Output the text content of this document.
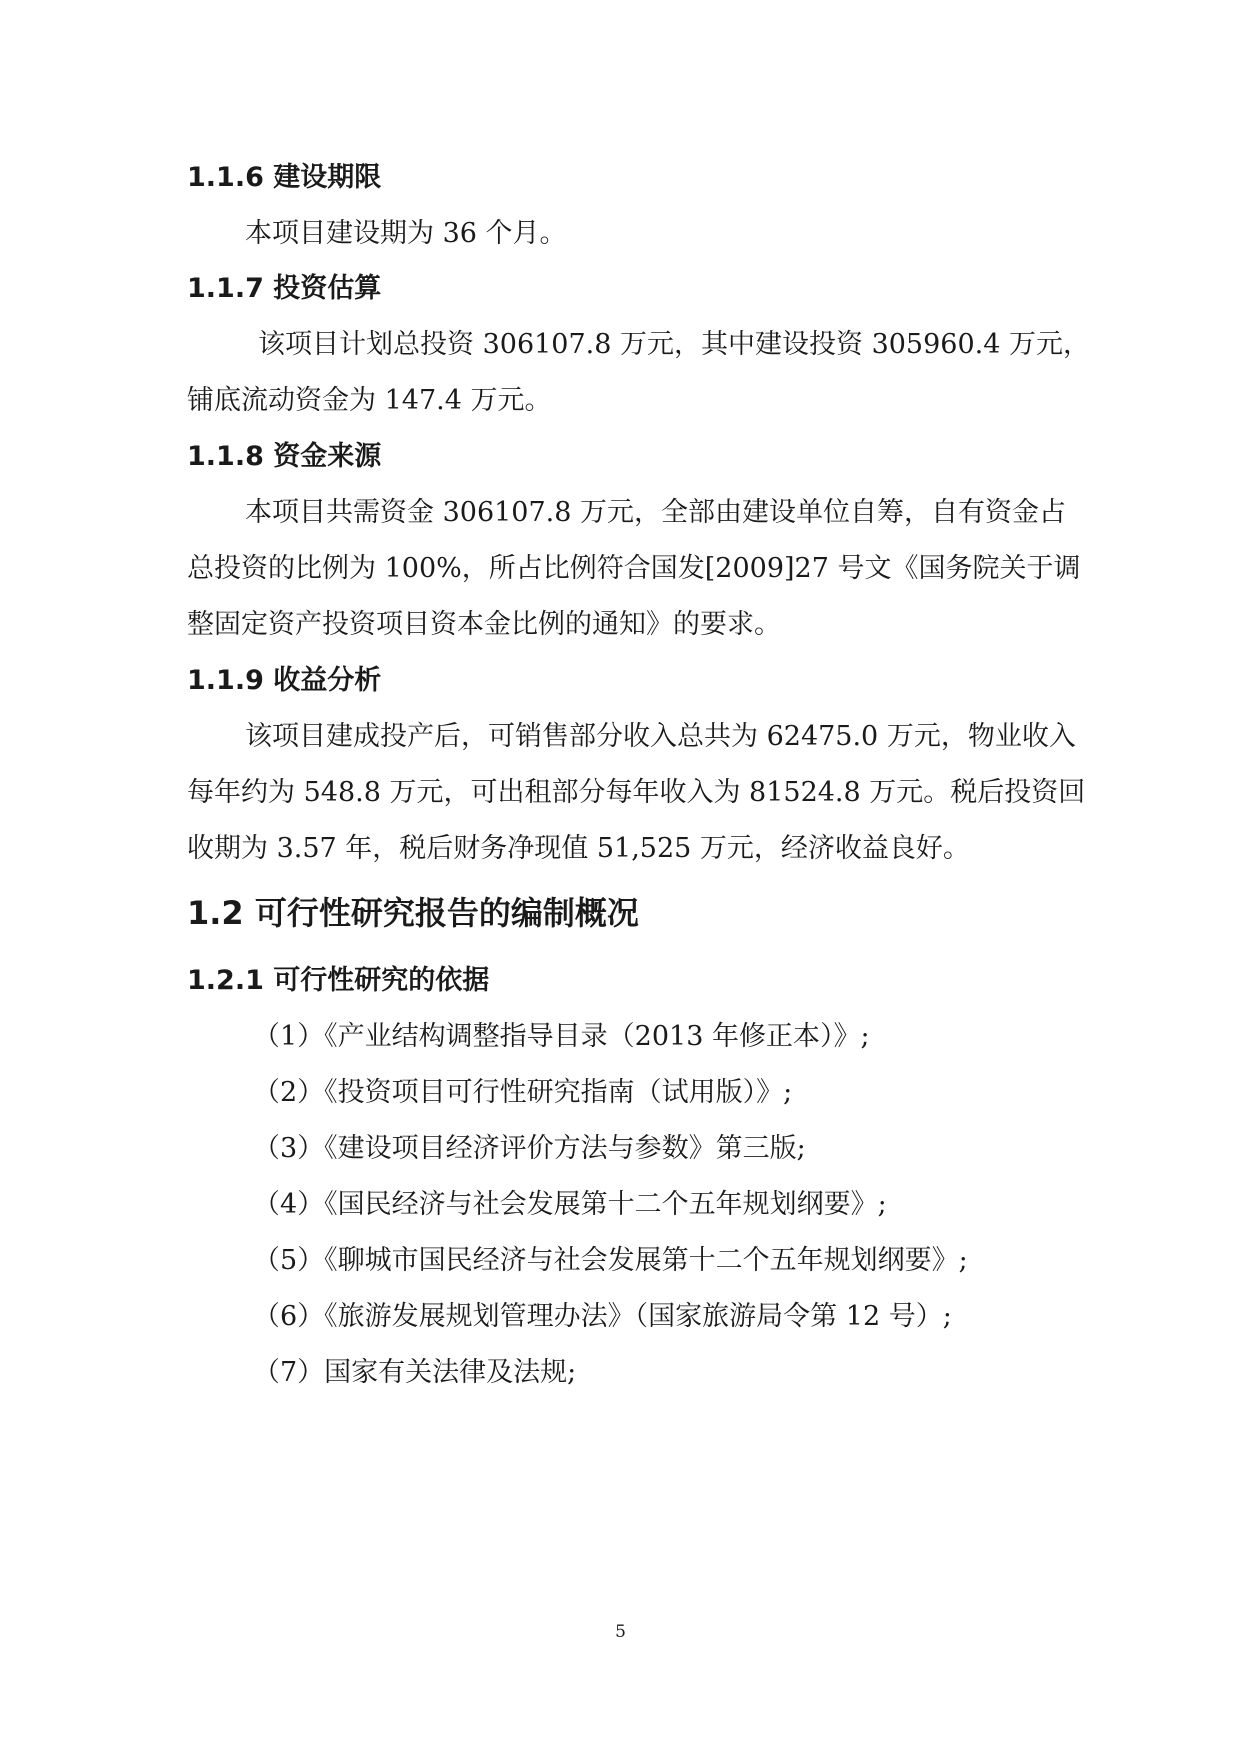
1.1.6 建设期限
本项目建设期为 36 个月。
1.1.7 投资估算
该项目计划总投资 306107.8 万元，其中建设投资 305960.4 万元，
铺底流动资金为 147.4 万元。
1.1.8 资金来源
本项目共需资金 306107.8 万元，全部由建设单位自筹，自有资金占
总投资的比例为 100%，所占比例符合国发[2009]27 号文《国务院关于调
整固定资产投资项目资本金比例的通知》的要求。
1.1.9 收益分析
该项目建成投产后，可销售部分收入总共为 62475.0 万元，物业收入
每年约为 548.8 万元，可出租部分每年收入为 81524.8 万元。税后投资回
收期为 3.57 年，税后财务净现值 51,525 万元，经济收益良好。
1.2 可行性研究报告的编制概况
1.2.1 可行性研究的依据
（1）《产业结构调整指导目录（2013 年修正本）》;
（2）《投资项目可行性研究指南（试用版）》;
（3）《建设项目经济评价方法与参数》第三版;
（4）《国民经济与社会发展第十二个五年规划纲要》;
（5）《聊城市国民经济与社会发展第十二个五年规划纲要》;
（6）《旅游发展规划管理办法》（国家旅游局令第 12 号）;
（7）国家有关法律及法规;
5
